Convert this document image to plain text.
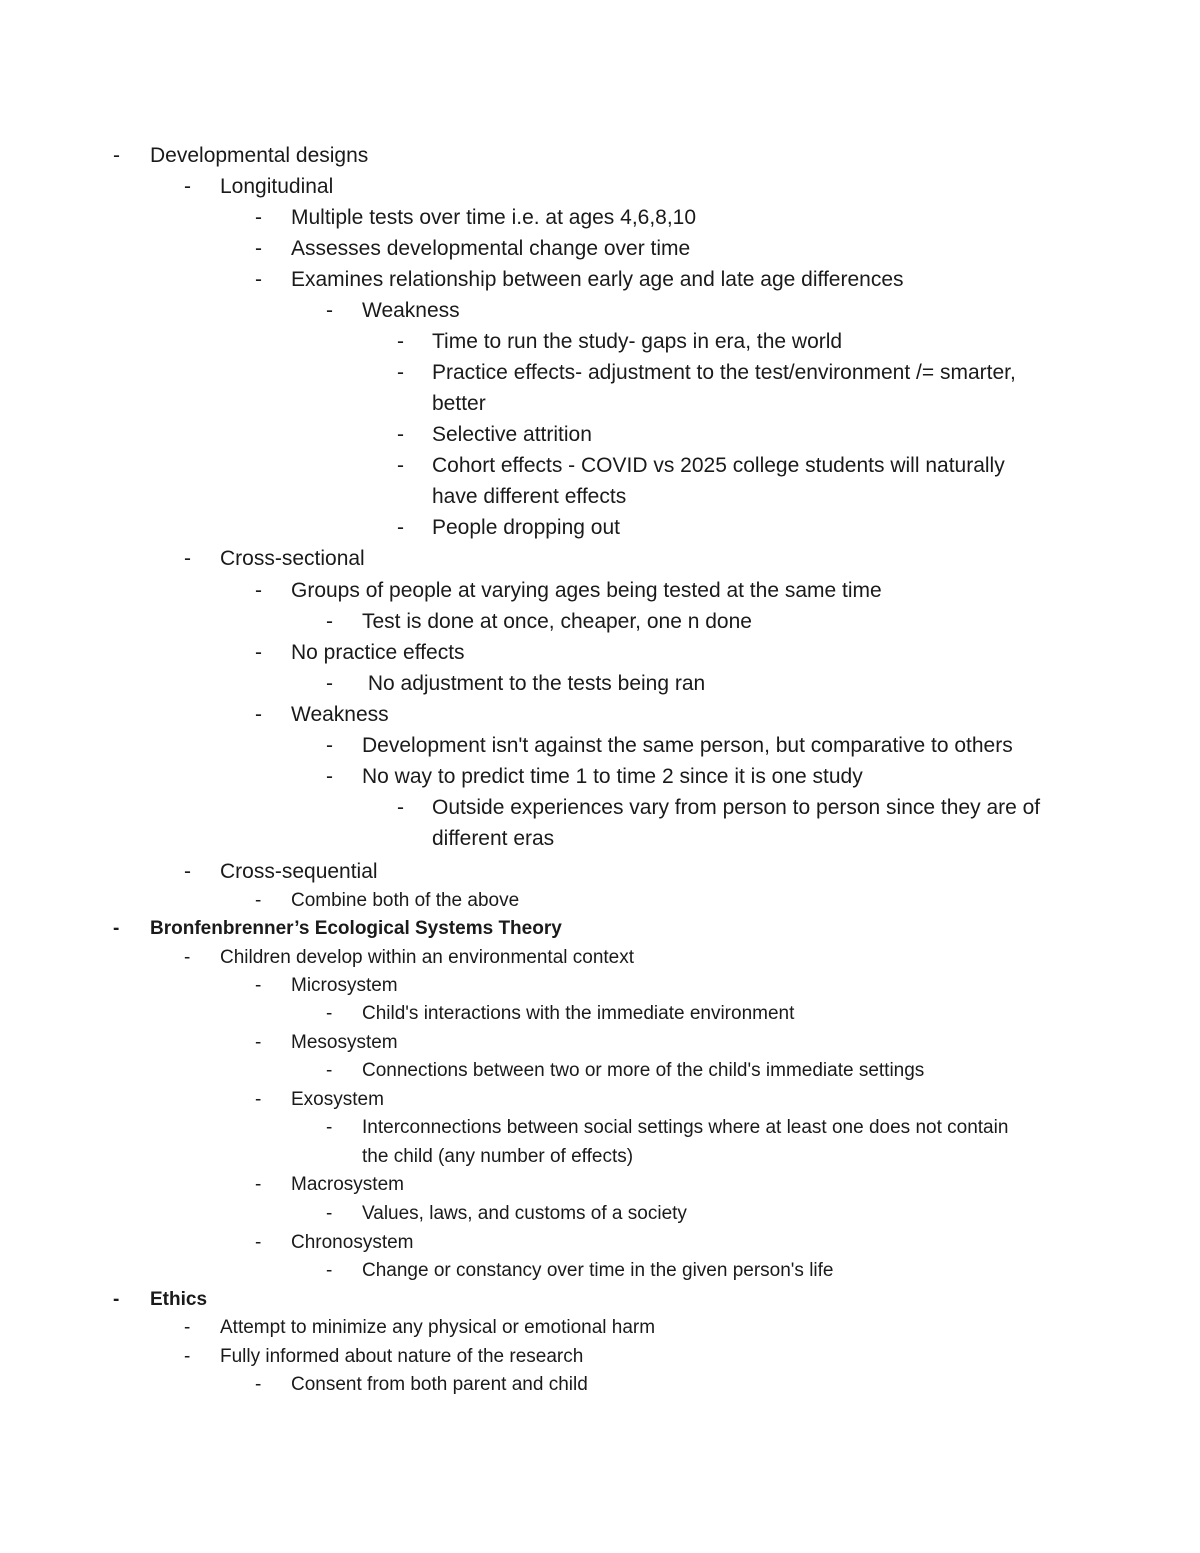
- Developmental designs
- Longitudinal
- Multiple tests over time i.e. at ages 4,6,8,10
- Assesses developmental change over time
- Examines relationship between early age and late age differences
- Weakness
- Time to run the study- gaps in era, the world
- Practice effects- adjustment to the test/environment /= smarter,
better
- Selective attrition
- Cohort effects - COVID vs 2025 college students will naturally
have different effects
- People dropping out
- Cross-sectional
- Groups of people at varying ages being tested at the same time
- Test is done at once, cheaper, one n done
- No practice effects
- No adjustment to the tests being ran
- Weakness
- Development isn't against the same person, but comparative to others
- No way to predict time 1 to time 2 since it is one study
- Outside experiences vary from person to person since they are of
different eras
- Cross-sequential
- Combine both of the above
- Bronfenbrenner’s Ecological Systems Theory
- Children develop within an environmental context
- Microsystem
- Child's interactions with the immediate environment
- Mesosystem
- Connections between two or more of the child's immediate settings
- Exosystem
- Interconnections between social settings where at least one does not contain
the child (any number of effects)
- Macrosystem
- Values, laws, and customs of a society
- Chronosystem
- Change or constancy over time in the given person's life
- Ethics
- Attempt to minimize any physical or emotional harm
- Fully informed about nature of the research
- Consent from both parent and child
